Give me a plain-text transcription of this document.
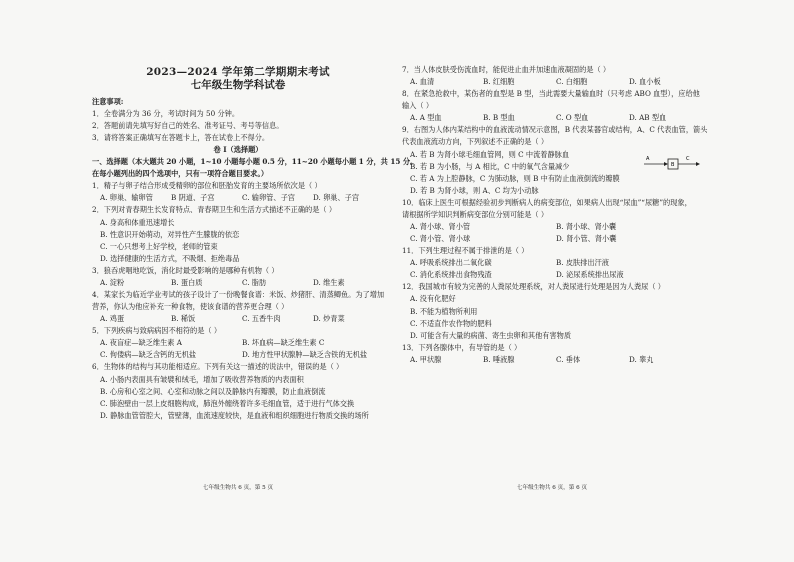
2023—2024 学年第二学期期末考试
七年级生物学科试卷
注意事项:
1．全卷满分为 36 分，考试时间为 50 分钟。
2．答题前请先填写好自己的姓名、准考证号、考号等信息。
3．请将答案正确填写在答题卡上，答在试卷上不得分。
卷 I（选择题）
一、选择题（本大题共 20 小题，1~10 小题每小题 0.5 分，11~20 小题每小题 1 分，共 15 分。
在每小题列出的四个选项中，只有一项符合题目要求。）
1．精子与卵子结合形成受精卵的部位和胚胎发育的主要场所依次是（ ）
A. 卵巢、输卵管	B 阴道、子宫	C. 输卵管、子宫	D. 卵巢、子宫
2．下列对青春期生长发育特点、青春期卫生和生活方式描述不正确的是（ ）
A. 身高和体重迅速增长
B. 性意识开始萌动，对异性产生朦胧的依恋
C. 一心只想考上好学校，老师的管束
D. 选择健康的生活方式，不吸烟、拒绝毒品
3．狼吞虎咽地吃饭，消化时最受影响的是哪种有机物（ ）
A. 淀粉	B. 蛋白质	C. 脂肪	D. 维生素
4．某家长为临近学业考试的孩子设计了一份晚餐食谱：米饭、炒猪肝、清蒸鲫鱼。为了增加
营养，你认为他应补充一种食物，使该食谱的营养更合理（ ）
A. 鸡蛋	B. 稀饭	C. 五香牛肉	D. 炒青菜
5．下列疾病与致病病因不相符的是（ ）
A. 夜盲症—缺乏维生素 A	B. 坏血病—缺乏维生素 C
C. 佝偻病—缺乏含钙的无机盐	D. 地方性甲状腺肿—缺乏含铁的无机盐
6．生物体的结构与其功能相适应。下列有关这一描述的说法中，错误的是（ ）
A. 小肠内表面具有皱襞和绒毛，增加了吸收营养物质的内表面积
B. 心房和心室之间、心室和动脉之间以及静脉内有瓣膜，防止血液倒流
C. 肺泡壁由一层上皮细胞构成，肺泡外缠绕着许多毛细血管，适于进行气体交换
D. 静脉血管管腔大，管壁薄，血流速度较快，是血液和组织细胞进行物质交换的场所
七年级生物共 6 页，第 5 页
7．当人体皮肤受伤流血时，能促进止血并加速血液凝固的是（ ）
A. 血清	B. 红细胞	C. 白细胞	D. 血小板
8．在紧急抢救中，某伤者的血型是 B 型，当此需要大量输血时（只考虑 ABO 血型），应给他
输入（ ）
A. A 型血	B. B 型血	C. O 型血	D. AB 型血
9．右图为人体内某结构中的血液流动情况示意图，B 代表某器官或结构，A、C 代表血管，箭头
代表血液流动方向，下列叙述不正确的是（ ）
A. 若 B 为肾小球毛细血管网，则 C 中流着静脉血
B. 若 B 为小肠，与 A 相比，C 中的氧气含量减少
C. 若 A 为上腔静脉，C 为肺动脉，则 B 中有防止血液倒流的瓣膜
D. 若 B 为肾小球，则 A、C 均为小动脉
A
B
C
10．临床上医生可根据经验初步判断病人的病变部位，如果病人出现“尿血”“尿糖”的现象，
请根据所学知识判断病变部位分别可能是（ ）
A. 肾小球、肾小管	B. 肾小球、肾小囊
C. 肾小管、肾小球	D. 肾小管、肾小囊
11．下列生理过程不属于排泄的是（ ）
A. 呼吸系统排出二氧化碳	B. 皮肤排出汗液
C. 消化系统排出食物残渣	D. 泌尿系统排出尿液
12．我国城市有较为完善的人粪尿处理系统，对人粪尿进行处理是因为人粪尿（ ）
A. 没有化肥好
B. 不能为植物所利用
C. 不适直作农作物的肥料
D. 可能含有大量的病菌、寄生虫卵和其他有害物质
13．下列各腺体中，有导管的是（ ）
A. 甲状腺	B. 唾液腺	C. 垂体	D. 睾丸
七年级生物共 6 页，第 6 页
